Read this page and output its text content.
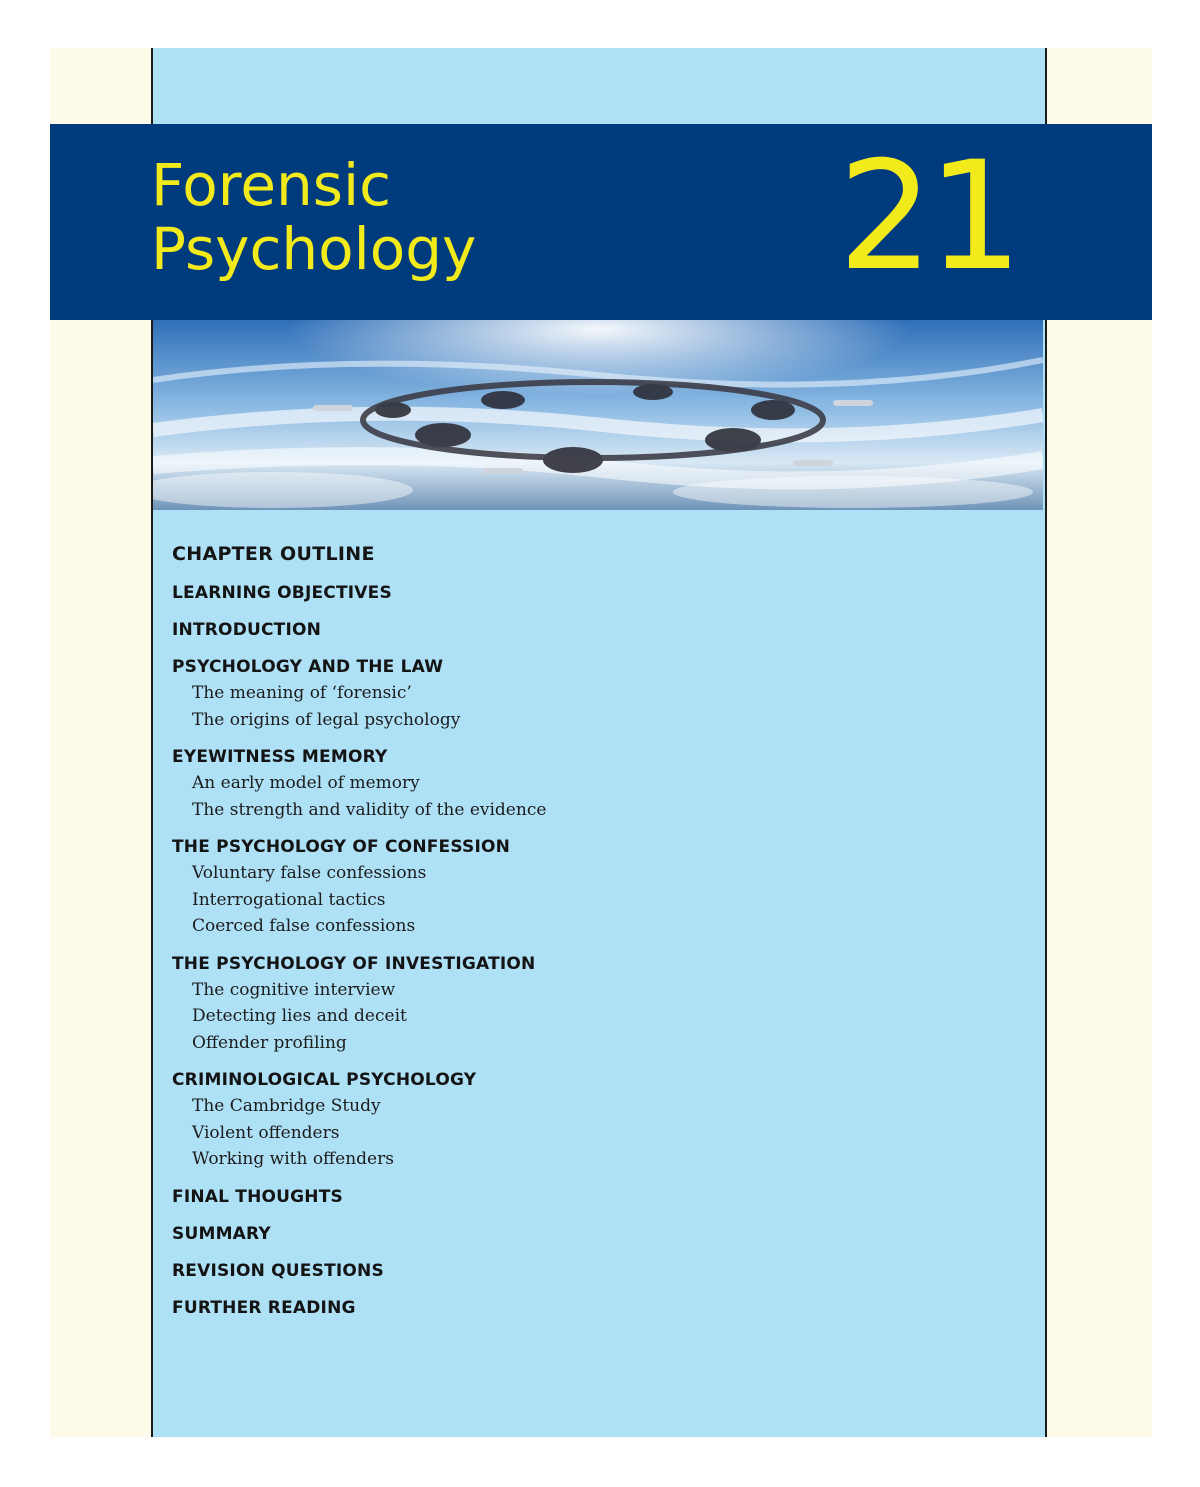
Forensic
Psychology 21
CHAPTER OUTLINE
LEARNING OBJECTIVES
INTRODUCTION
PSYCHOLOGY AND THE LAW
The meaning of ‘forensic’
The origins of legal psychology
EYEWITNESS MEMORY
An early model of memory
The strength and validity of the evidence
THE PSYCHOLOGY OF CONFESSION
Voluntary false confessions
Interrogational tactics
Coerced false confessions
THE PSYCHOLOGY OF INVESTIGATION
The cognitive interview
Detecting lies and deceit
Offender profiling
CRIMINOLOGICAL PSYCHOLOGY
The Cambridge Study
Violent offenders
Working with offenders
FINAL THOUGHTS
SUMMARY
REVISION QUESTIONS
FURTHER READING
